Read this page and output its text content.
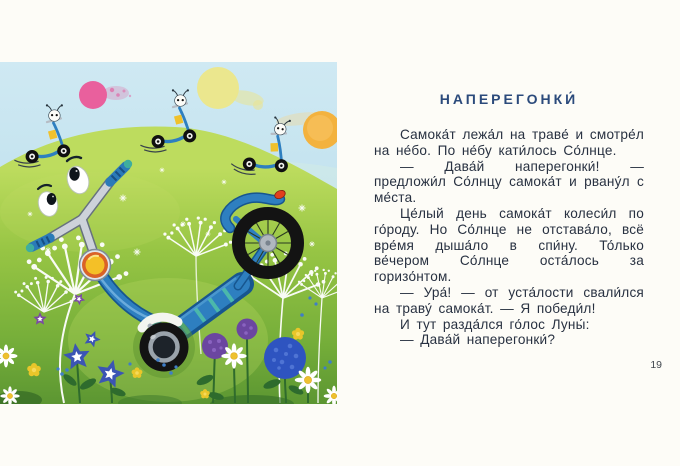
НАПЕРЕГОНКИ́

Самока́т лежа́л на траве́ и смотре́л на не́бо. По не́бу кати́лось Со́лнце.

— Дава́й наперегонки́! — предложи́л Со́лнцу самока́т и рвану́л с ме́ста.

Це́лый день самока́т колеси́л по го́роду. Но Со́лнце не отстава́ло, всё вре́мя дыша́ло в спи́ну. То́лько ве́чером Со́лнце оста́лось за горизо́нтом.

— Ура́! — от уста́лости свали́лся на траву́ самока́т. — Я победи́л!

И тут разда́лся го́лос Луны́:

— Дава́й наперегонки́?

19
